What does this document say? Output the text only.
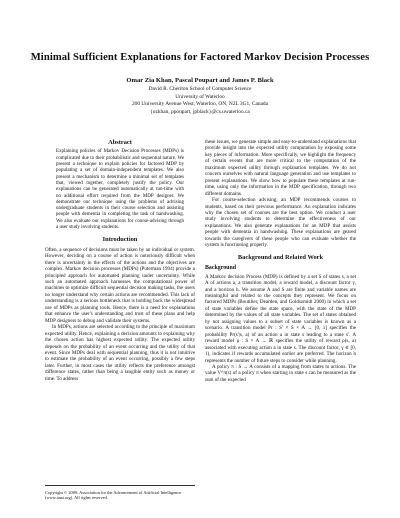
Minimal Sufficient Explanations for Factored Markov Decision Processes
Omar Zia Khan, Pascal Poupart and James P. Black
David R. Cheriton School of Computer Science
University of Waterloo
200 University Avenue West, Waterloo, ON, N2L 3G1, Canada
{ozkhan, ppoupart, jpblack}@cs.uwaterloo.ca
Abstract

Explaining policies of Markov Decision Processes (MDPs) is complicated due to their probabilistic and sequential nature. We present a technique to explain policies for factored MDP by populating a set of domain-independent templates. We also present a mechanism to determine a minimal set of templates that, viewed together, completely justify the policy. Our explanations can be generated automatically at run-time with no additional effort required from the MDP designer. We demonstrate our technique using the problems of advising undergraduate students in their course selection and assisting people with dementia in completing the task of handwashing. We also evaluate our explanations for course-advising through a user study involving students.

Introduction

Often, a sequence of decisions must be taken by an individual or system. However, deciding on a course of action is notoriously difficult when there is uncertainty in the effects of the actions and the objectives are complex. Markov decision processes (MDPs) (Puterman 1994) provide a principled approach for automated planning under uncertainty. While such an automated approach harnesses the computational power of machines to optimize difficult sequential decision making tasks, the users no longer understand why certain actions are recommended. This lack of understanding is a serious bottleneck that is holding back the widespread use of MDPs as planning tools. Hence, there is a need for explanations that enhance the user's understanding and trust of these plans and help MDP designers to debug and validate their systems.

In MDPs, actions are selected according to the principle of maximum expected utility. Hence, explaining a decision amounts to explaining why the chosen action has highest expected utility. The expected utility depends on the probability of an event occurring and the utility of that event. Since MDPs deal with sequential planning, thus it is not intuitive to estimate the probability of an event occurring, possibly a few steps later. Further, in most cases the utility reflects the preference amongst difference states, rather than being a tangible entity such as money or time. To address

Copyright © 2009, Association for the Advancement of Artificial Intelligence (www.aaai.org). All rights reserved.

these issues, we generate simple and easy-to-understand explanations that provide insight into the expected utility computation by exposing some key pieces of information. More specifically, we highlight the frequency of certain events that are more critical to the computation of the maximum expected utility through explanation templates. We do not concern ourselves with natural language generation and use templates to present explanations. We show how to populate these templates at run-time, using only the information in the MDP specification, through two different domains.

For course-selection advising, an MDP recommends courses to students, based on their previous performance. An explanation indicates why the chosen set of courses are the best option. We conduct a user study involving students to determine the effectiveness of our explanations. We also generate explanations for an MDP that assists people with dementia in handwashing. These explanations are geared towards the caregivers of these people who can evaluate whether the system is functioning properly.

Background and Related Work
Background

A Markov decision Process (MDP) is defined by a set S of states s, a set A of actions a, a transition model, a reward model, a discount factor γ, and a horizon h. We assume A and S are finite and variable names are meaningful and related to the concepts they represent. We focus on factored MDPs (Boutilier, Dearden, and Goldszmidt 2000) in which a set of state variables define the state space, with the state of the MDP determined by the values of all state variables. The set of states obtained by not assigning values to a subset of state variables is known as a scenario. A transition model Pr : S′ × S × A → [0, 1] specifies the probability Pr(s′|s, a) of an action a in state s leading to a state s′. A reward model ρ : S × A → ℝ specifies the utility of reward ρ(s, a) associated with executing action a in state s. The discount factor, γ ∈ [0, 1), indicates if rewards accumulated earlier are preferred. The horizon h represents the number of future steps to consider while planning.

A policy π : S → A consists of a mapping from states to actions. The value V^π(s) of a policy π when starting in state s can be measured as the sum of the expected
